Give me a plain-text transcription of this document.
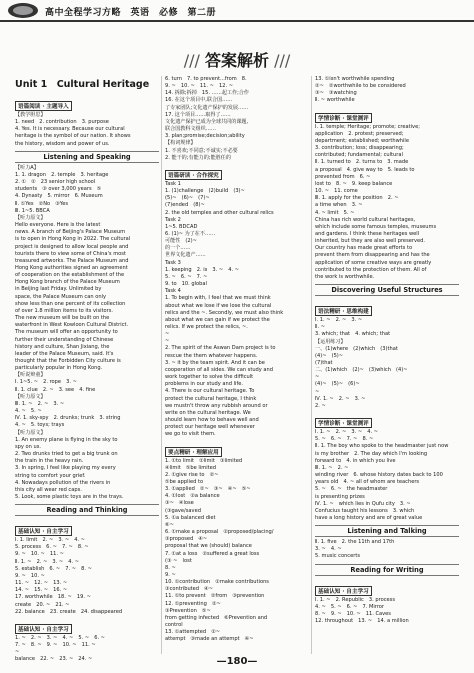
高中全程学习方略　英语　必修　第二册
/// 答案解析 ///
Unit 1　Cultural Heritage
语篇阅读 · 主题导入
【教学胆思】
1. need　2. contribution　3. purpose
4. Yes. It is necessary. Because our cultural
heritage is the symbol of our nation. It shows
the history, wisdom and power of us.
Listening and Speaking
【听力A】
1. 1. dragon　2. temple　3. heritage
2. ①　②　23 senior high school
students　③ over 3,000 years　⑤
4. Dynasty　5. mirror　6. Museum
Ⅱ. ①Yes　②No　③Yes
Ⅲ. 1~5. BBCA
【听力原文】
Hello everyone. Here is the latest
news. A branch of Beijing's Palace Museum
is to open in Hong Kong in 2022. The cultural
project is designed to allow local people and
tourists there to view some of China's most
treasured artworks. The Palace Museum and
Hong Kong authorities signed an agreement
of cooperation on the establishment of the
Hong Kong branch of the Palace Museum
in Beijing last Friday. Unlimited by
space, the Palace Museum can only
show less than one percent of its collection
of over 1.8 million items to its visitors.
The new museum will be built on the
waterfront in West Kowloon Cultural District.
The museum will offer an opportunity to
further their understanding of Chinese
history and culture, Shan Jixiang, the
leader of the Palace Museum, said. It's
thought that the Forbidden City culture is
particularly popular in Hong Kong.
【听说辩童】
Ⅰ. 1~5. ~　2. rope　3. ~
Ⅱ. 1. clue　2. ~　3. see　4. fine
【听力原文】
Ⅲ. 1. ~　2. ~　3. ~
4. ~　5. ~
Ⅳ. 1. sky-spy　2. drunks; trunk　3. string
4. ~　5. toys; trays
【听力原文】
1. An enemy plane is flying in the sky to
spy on us.
2. Two drunks tried to get a big trunk on
the train in the heavy rain.
3. In spring, I feel like playing my every
string to comfort your grief.
4. Nowadays pollution of the rivers in
this city all wear red caps.
5. Look, some plastic toys are in the trays.
Reading and Thinking
基础认知 · 自主学习
Ⅰ. 1. limit　2. ~　3. ~　4. ~
5. process　6. ~　7. ~　8. ~
9. ~　10. ~　11. ~
Ⅱ. 1. ~　2. ~　3. ~　4. ~
5. establish　6. ~　7. ~　8. ~
9. ~　10. ~
11. ~　12. ~　13. ~
14. ~　15. ~　16. ~
17. worthwhile　18. ~　19. ~
create　20. ~　21. ~
22. balance　23. create　24. disappeared
基础认知 · 自主学习
1. ~　2. ~　3. ~　4. ~　5. ~　6. ~
7. ~　8. ~　9. ~　10. ~　11. ~
~
balance　22. ~　23. ~　24. ~
6. turn　7. to prevent...from　8.
9. ~　10. ~　11. ~　12. ~
14. 拆除;拆掉　15. ……起工作;合作
16. 在这个项目中,联合国……
了专家团队;文化遗产保护的发展……
17. 这个项目……取得了……
文化遗产保护已成为全球共同的课题,
联合国教科文组织……
3. plan;promise;decision;ability
【构词规律】
1. 不喜欢;不同意;不诚实;不必要
2. 能干的;有能力的;能胜任的
语篇研读 · 合作探究
Task 1
1. (1)challenge　(2)build　(3)~
(5)~　(6)~　(7)~
(7)ended　(8)~
2. the old temples and other cultural relics
Task 2
1~5. BDCAD
6. (1)~ 为了在不……
可能性　(2)~
的一个……
世界文化遗产……
Task 3
1. keeping　2. is　3. ~　4. ~
5. ~　6. ~　7. ~
9. to　10. global
Task 4
1. To begin with, I feel that we must think
about what we lose if we lose the cultural
relics and the ~. Secondly, we must also think
about what we can gain if we protect the
relics. If we protect the relics, ~.
~
~
2. The spirit of the Aswan Dam project is to
rescue the them whatever happens.
3. ~ it by the team spirit. And it can be
cooperation of all sides. We can study and
work together to solve the difficult
problems in our study and life.
4. There is our cultural heritage. To
protect the cultural heritage, I think
we mustn't throw any rubbish around or
write on the cultural heritage. We
should learn how to behave well and
protect our heritage well whenever
we go to visit them.
要点精研 · 理解应用
1. ①to limit　②limit　③limited
④limit　⑤be limited
2. ①give rise to　②~
⑤be applied to
3. ①applied　②~　③~　④~　⑤~
4. ①lost　②a balance
③~　④lose
(③gave/saved
5. ①a balanced diet
⑥~
6. ①make a proposal　②proposed/placing/
③proposed　④~
proposal that we (should) balance
7. ①at a loss　②suffered a great loss
(③ ~　lost
8. ~
9. ~
10. ①contribution　②make contributions
③contributed　④~
11. ①to prevent　②from　③prevention
12. ①preventing　②~
③Prevention　⑤~
from getting infected　⑥Prevention and
control
13. ①attempted　②~
attempt　③made an attempt　④~
13. ①isn't worthwhile spending
②~　②worthwhile to be considered
③~　③watching
Ⅱ. ~ worthwhile
学情诊断 · 课堂测评
Ⅰ. 1. temple; Heritage; promote; creative;
application　2. protest; preserved;
department; established; worthwhile
3. contribution; loss; disappearing;
contributed; fundamental; cultural
Ⅱ. 1. turned to　2. turns to　3. made
a proposal　4. give way to　5. leads to
prevented from　6. ~
lost to　8. ~　9. keep balance
10. ~　11. come
Ⅲ. 1. apply for the position　2. ~
a time when　3. ~
4. ~ limit　5. ~
China has rich world cultural heritages,
which include some famous temples, museums
and gardens. I think these heritages well
inherited, but they are also well preserved.
Our country has made great efforts to
prevent them from disappearing and has the
application of some creative ways are greatly
contributed to the protection of them. All of
the work is worthwhile.
Discovering Useful Structures
语法精研 · 思维构建
Ⅰ. 1. ~　2. ~　3. ~
Ⅱ. ~
3. which; that　4. which; that
【运用练习】
一、(1)where　(2)which　(3)that
(4)~　(5)~
(7)that
二、(1)which　(2)~　(3)which　(4)~
~
(4)~　(5)~　(6)~
~
Ⅳ. 1. ~　2. ~　3. ~
2. ~
学情诊断 · 课堂测评
Ⅰ. 1. ~　2. ~　3. ~　4. ~
5. ~　6. ~　7. ~　8. ~
Ⅱ. 1. The boy who spoke to the headmaster just now
is my brother　2. The day which I'm looking
forward to　4. in which you live
Ⅲ. 1. ~　2. ~
winding river　6. whose history dates back to 100
years old　4. ~ all of whom are teachers
5. ~　6. ~　the headmaster
is presenting prizes
Ⅳ. 1. ~　which lies in Qufu city　3. ~
Confucius taught his lessons　3. which
have a long history and are of great value
Listening and Talking
Ⅱ. 1. five　2. the 11th and 17th
3. ~　4. ~
5. music concerts
Reading for Writing
基础认知 · 自主学习
Ⅰ. 1. ~　2. Republic　3. process
4. ~　5. ~　6. ~　7. Mirror
8. ~　9. ~　10. ~　11. Caves
12. throughout　13. ~　14. a million
—180—
